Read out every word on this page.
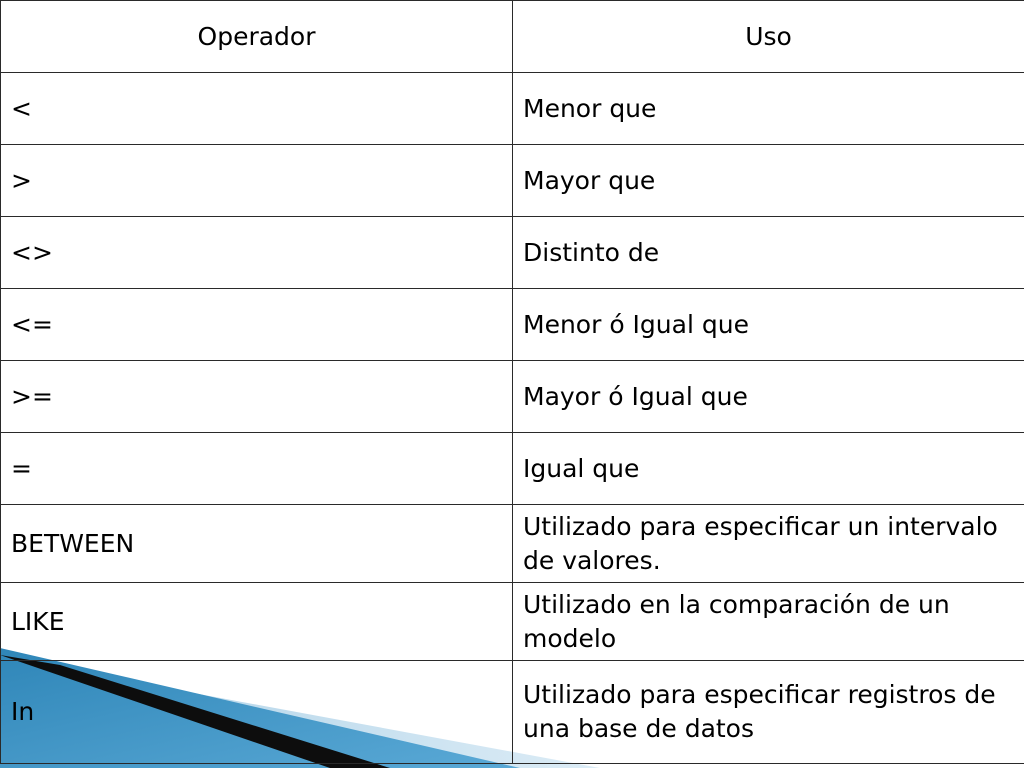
Operador	Uso
<	Menor que
>	Mayor que
<>	Distinto de
<=	Menor ó Igual que
>=	Mayor ó Igual que
=	Igual que
BETWEEN	Utilizado para especificar un intervalo de valores.
LIKE	Utilizado en la comparación de un modelo
In	Utilizado para especificar registros de una base de datos
